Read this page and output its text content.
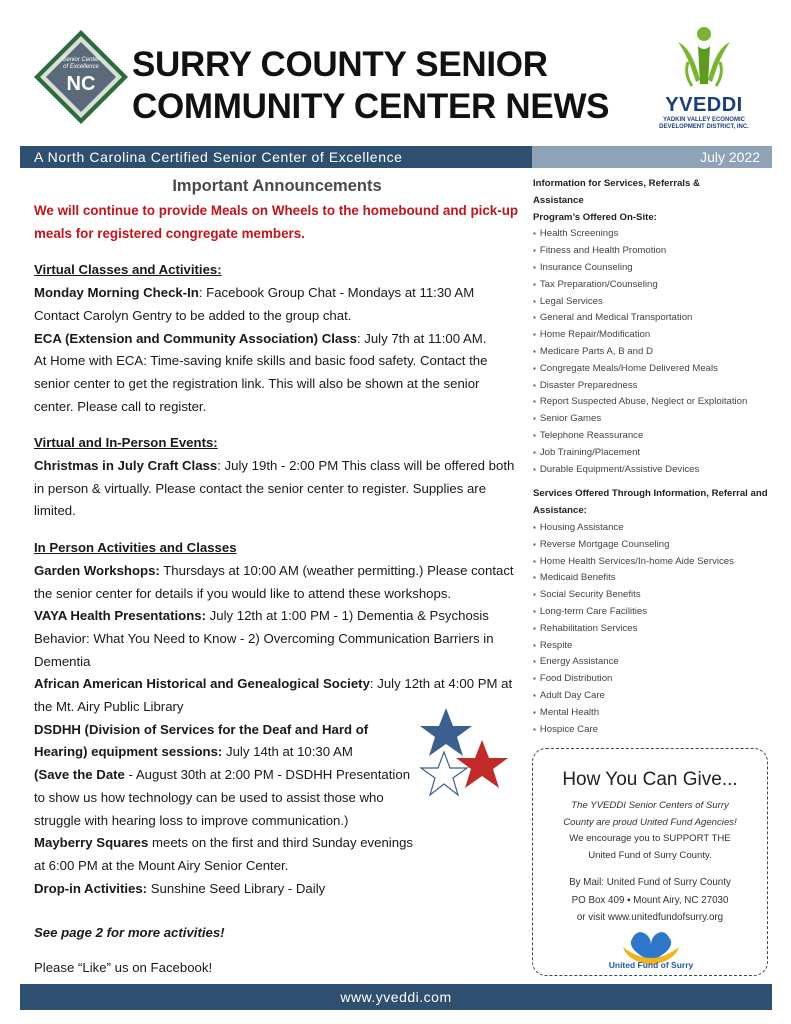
Senior Center
of Excellence
NC SURRY COUNTY SENIOR
COMMUNITY CENTER NEWS	YVEDDI
YADKIN VALLEY ECONOMIC DEVELOPMENT DISTRICT, INC.
A North Carolina Certified Senior Center of Excellence	July 2022
Important Announcements
We will continue to provide Meals on Wheels to the homebound and pick-up meals for registered congregate members.
Virtual Classes and Activities:
Monday Morning Check-In: Facebook Group Chat - Mondays at 11:30 AM
Contact Carolyn Gentry to be added to the group chat.
ECA (Extension and Community Association) Class: July 7th at 11:00 AM.
At Home with ECA: Time-saving knife skills and basic food safety. Contact the senior center to get the registration link. This will also be shown at the senior center. Please call to register.
Virtual and In-Person Events:
Christmas in July Craft Class: July 19th - 2:00 PM This class will be offered both in person & virtually. Please contact the senior center to register. Supplies are limited.
In Person Activities and Classes
Garden Workshops: Thursdays at 10:00 AM (weather permitting.) Please contact the senior center for details if you would like to attend these workshops.
VAYA Health Presentations: July 12th at 1:00 PM - 1) Dementia & Psychosis Behavior: What You Need to Know - 2) Overcoming Communication Barriers in Dementia
African American Historical and Genealogical Society: July 12th at 4:00 PM at the Mt. Airy Public Library
DSDHH (Division of Services for the Deaf and Hard of Hearing) equipment sessions: July 14th at 10:30 AM
(Save the Date - August 30th at 2:00 PM - DSDHH Presentation to show us how technology can be used to assist those who struggle with hearing loss to improve communication.)
Mayberry Squares meets on the first and third Sunday evenings at 6:00 PM at the Mount Airy Senior Center.
Drop-in Activities: Sunshine Seed Library - Daily
See page 2 for more activities!
Please “Like” us on Facebook!
Information for Services, Referrals &
Assistance
Program’s Offered On-Site:
▪ Health Screenings
▪ Fitness and Health Promotion
▪ Insurance Counseling
▪ Tax Preparation/Counseling
▪ Legal Services
▪ General and Medical Transportation
▪ Home Repair/Modification
▪ Medicare Parts A, B and D
▪ Congregate Meals/Home Delivered Meals
▪ Disaster Preparedness
▪ Report Suspected Abuse, Neglect or Exploitation
▪ Senior Games
▪ Telephone Reassurance
▪ Job Training/Placement
▪ Durable Equipment/Assistive Devices
Services Offered Through Information, Referral and
Assistance:
▪ Housing Assistance
▪ Reverse Mortgage Counseling
▪ Home Health Services/In-home Aide Services
▪ Medicaid Benefits
▪ Social Security Benefits
▪ Long-term Care Facilities
▪ Rehabilitation Services
▪ Respite
▪ Energy Assistance
▪ Food Distribution
▪ Adult Day Care
▪ Mental Health
▪ Hospice Care
How You Can Give...
The YVEDDI Senior Centers of Surry
County are proud United Fund Agencies!
We encourage you to SUPPORT THE
United Fund of Surry County.
By Mail: United Fund of Surry County
PO Box 409 ▪ Mount Airy, NC 27030
or visit www.unitedfundofsurry.org
United Fund of Surry
www.yveddi.com
